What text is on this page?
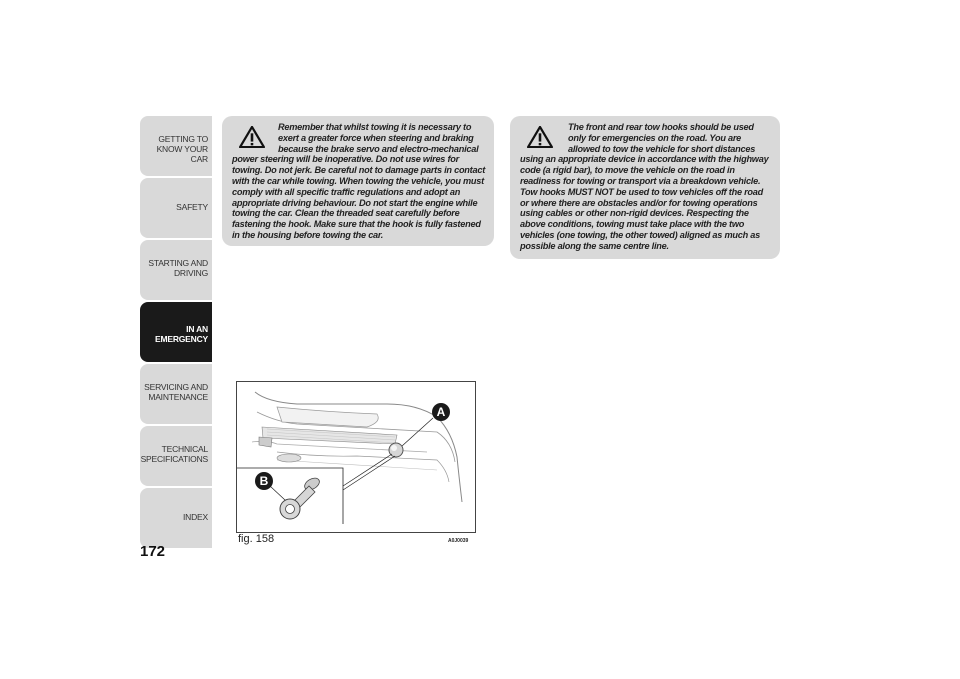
GETTING TO KNOW YOUR CAR
SAFETY
STARTING AND DRIVING
IN AN EMERGENCY
SERVICING AND MAINTENANCE
TECHNICAL SPECIFICATIONS
INDEX
172

Remember that whilst towing it is necessary to exert a greater force when steering and braking because the brake servo and electro-mechanical power steering will be inoperative. Do not use wires for towing. Do not jerk. Be careful not to damage parts in contact with the car while towing. When towing the vehicle, you must comply with all specific traffic regulations and adopt an appropriate driving behaviour. Do not start the engine while towing the car. Clean the threaded seat carefully before fastening the hook. Make sure that the hook is fully fastened in the housing before towing the car.

The front and rear tow hooks should be used only for emergencies on the road. You are allowed to tow the vehicle for short distances using an appropriate device in accordance with the highway code (a rigid bar), to move the vehicle on the road in readiness for towing or transport via a breakdown vehicle. Tow hooks MUST NOT be used to tow vehicles off the road or where there are obstacles and/or for towing operations using cables or other non-rigid devices. Respecting the above conditions, towing must take place with the two vehicles (one towing, the other towed) aligned as much as possible along the same centre line.

A
B
fig. 158	A0J0039
